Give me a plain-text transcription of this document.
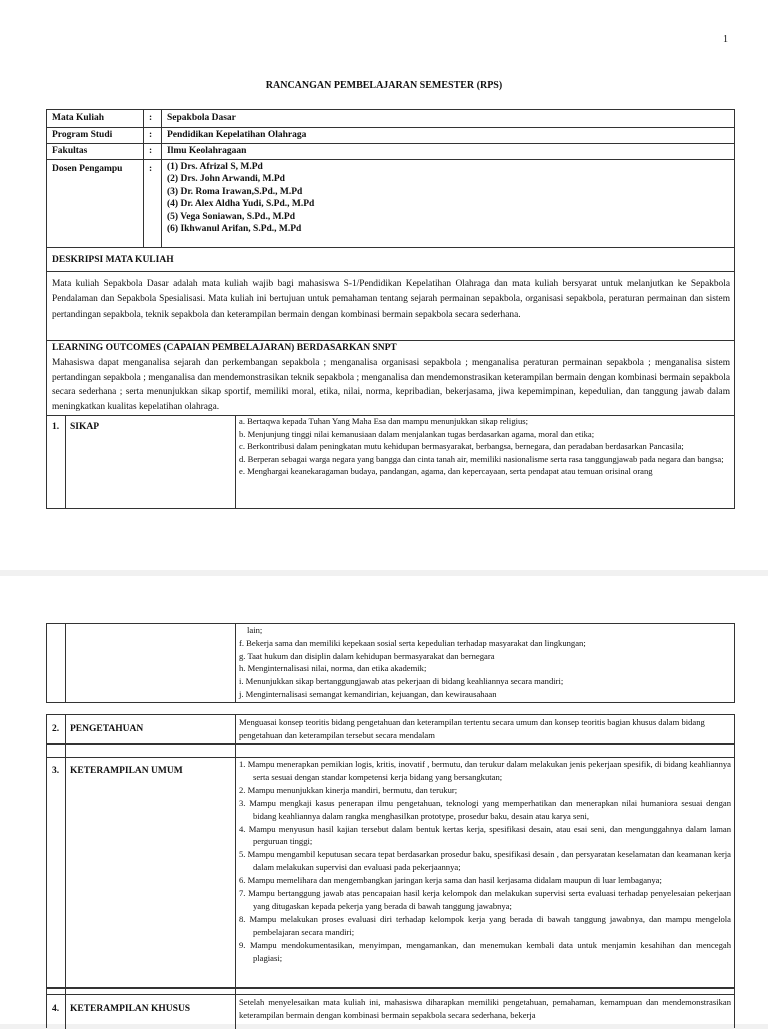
1
RANCANGAN PEMBELAJARAN SEMESTER (RPS)
Mata Kuliah	: Sepakbola Dasar
Program Studi	: Pendidikan Kepelatihan Olahraga
Fakultas	: Ilmu Keolahragaan
Dosen Pengampu	: (1) Drs. Afrizal S, M.Pd
(2) Drs. John Arwandi, M.Pd
(3) Dr. Roma Irawan,S.Pd., M.Pd
(4) Dr. Alex Aldha Yudi, S.Pd., M.Pd
(5) Vega Soniawan, S.Pd., M.Pd
(6) Ikhwanul Arifan, S.Pd., M.Pd
DESKRIPSI MATA KULIAH
Mata kuliah Sepakbola Dasar adalah mata kuliah wajib bagi mahasiswa S-1/Pendidikan Kepelatihan Olahraga dan mata kuliah bersyarat untuk melanjutkan ke Sepakbola Pendalaman dan Sepakbola Spesialisasi. Mata kuliah ini bertujuan untuk pemahaman tentang sejarah permainan sepakbola, organisasi sepakbola, peraturan permainan dan sistem pertandingan sepakbola, teknik sepakbola dan keterampilan bermain dengan kombinasi bermain sepakbola secara sederhana.
LEARNING OUTCOMES (CAPAIAN PEMBELAJARAN) BERDASARKAN SNPT
Mahasiswa dapat menganalisa sejarah dan perkembangan sepakbola ; menganalisa organisasi sepakbola ; menganalisa peraturan permainan sepakbola ; menganalisa sistem pertandingan sepakbola ; menganalisa dan mendemonstrasikan teknik sepakbola ; menganalisa dan mendemonstrasikan keterampilan bermain dengan kombinasi bermain sepakbola secara sederhana ; serta menunjukkan sikap sportif, memiliki moral, etika, nilai, norma, kepribadian, bekerjasama, jiwa kepemimpinan, kepedulian, dan tanggung jawab dalam meningkatkan kualitas kepelatihan olahraga.
1. SIKAP
a. Bertaqwa kepada Tuhan Yang Maha Esa dan mampu menunjukkan sikap religius;
b. Menjunjung tinggi nilai kemanusiaan dalam menjalankan tugas berdasarkan agama, moral dan etika;
c. Berkontribusi dalam peningkatan mutu kehidupan bermasyarakat, berbangsa, bernegara, dan peradaban berdasarkan Pancasila;
d. Berperan sebagai warga negara yang bangga dan cinta tanah air, memiliki nasionalisme serta rasa tanggungjawab pada negara dan bangsa;
e. Menghargai keanekaragaman budaya, pandangan, agama, dan kepercayaan, serta pendapat atau temuan orisinal orang
lain;
f. Bekerja sama dan memiliki kepekaan sosial serta kepedulian terhadap masyarakat dan lingkungan;
g. Taat hukum dan disiplin dalam kehidupan bermasyarakat dan bernegara
h. Menginternalisasi nilai, norma, dan etika akademik;
i. Menunjukkan sikap bertanggungjawab atas pekerjaan di bidang keahliannya secara mandiri;
j. Menginternalisasi semangat kemandirian, kejuangan, dan kewirausahaan
2. PENGETAHUAN
Menguasai konsep teoritis bidang pengetahuan dan keterampilan tertentu secara umum dan konsep teoritis bagian khusus dalam bidang pengetahuan dan keterampilan tersebut secara mendalam
3. KETERAMPILAN UMUM
1. Mampu menerapkan pemikian logis, kritis, inovatif , bermutu, dan terukur dalam melakukan jenis pekerjaan spesifik, di bidang keahliannya serta sesuai dengan standar kompetensi kerja bidang yang bersangkutan;
2. Mampu menunjukkan kinerja mandiri, bermutu, dan terukur;
3. Mampu mengkaji kasus penerapan ilmu pengetahuan, teknologi yang memperhatikan dan menerapkan nilai humaniora sesuai dengan bidang keahliannya dalam rangka menghasilkan prototype, prosedur baku, desain atau karya seni,
4. Mampu menyusun hasil kajian tersebut dalam bentuk kertas kerja, spesifikasi desain, atau esai seni, dan mengunggahnya dalam laman perguruan tinggi;
5. Mampu mengambil keputusan secara tepat berdasarkan prosedur baku, spesifikasi desain , dan persyaratan keselamatan dan keamanan kerja dalam melakukan supervisi dan evaluasi pada pekerjaannya;
6. Mampu memelihara dan mengembangkan jaringan kerja sama dan hasil kerjasama didalam maupun di luar lembaganya;
7. Mampu bertanggung jawab atas pencapaian hasil kerja kelompok dan melakukan supervisi serta evaluasi terhadap penyelesaian pekerjaan yang ditugaskan kepada pekerja yang berada di bawah tanggung jawabnya;
8. Mampu melakukan proses evaluasi diri terhadap kelompok kerja yang berada di bawah tanggung jawabnya, dan mampu mengelola pembelajaran secara mandiri;
9. Mampu mendokumentasikan, menyimpan, mengamankan, dan menemukan kembali data untuk menjamin kesahihan dan mencegah plagiasi;
4. KETERAMPILAN KHUSUS
Setelah menyelesaikan mata kuliah ini, mahasiswa diharapkan memiliki pengetahuan, pemahaman, kemampuan dan mendemonstrasikan keterampilan bermain dengan kombinasi bermain sepakbola secara sederhana, bekerja
